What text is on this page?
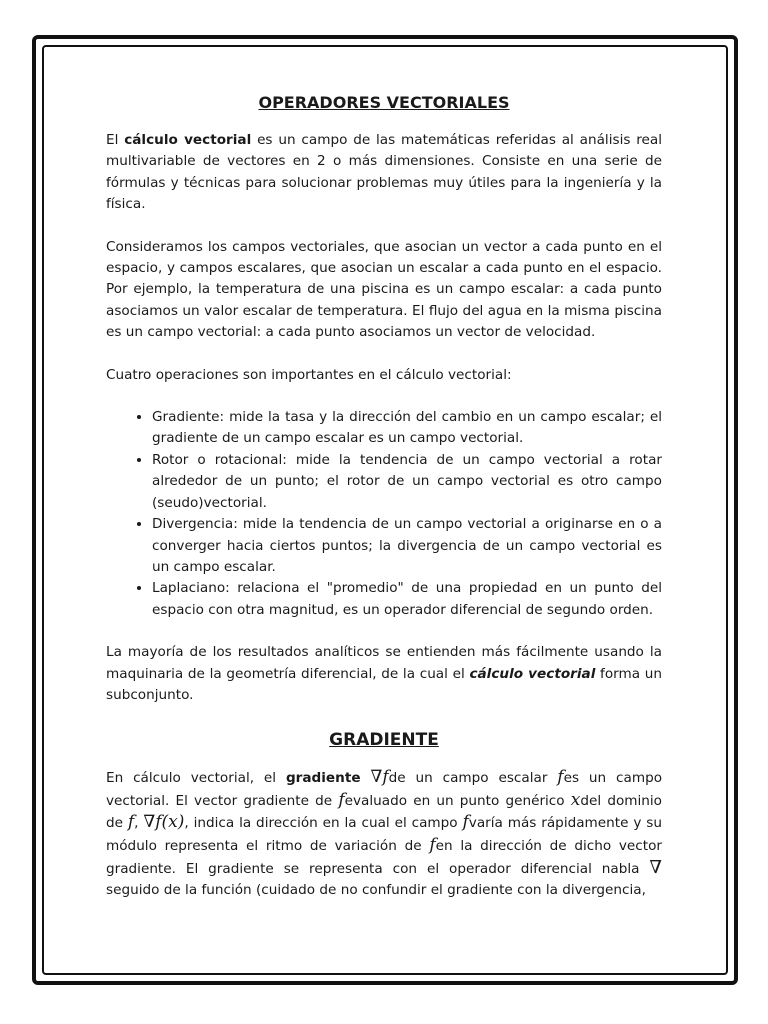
OPERADORES VECTORIALES

El cálculo vectorial es un campo de las matemáticas referidas al análisis real multivariable de vectores en 2 o más dimensiones. Consiste en una serie de fórmulas y técnicas para solucionar problemas muy útiles para la ingeniería y la física.

Consideramos los campos vectoriales, que asocian un vector a cada punto en el espacio, y campos escalares, que asocian un escalar a cada punto en el espacio. Por ejemplo, la temperatura de una piscina es un campo escalar: a cada punto asociamos un valor escalar de temperatura. El flujo del agua en la misma piscina es un campo vectorial: a cada punto asociamos un vector de velocidad.

Cuatro operaciones son importantes en el cálculo vectorial:

• Gradiente: mide la tasa y la dirección del cambio en un campo escalar; el gradiente de un campo escalar es un campo vectorial.
• Rotor o rotacional: mide la tendencia de un campo vectorial a rotar alrededor de un punto; el rotor de un campo vectorial es otro campo (seudo)vectorial.
• Divergencia: mide la tendencia de un campo vectorial a originarse en o a converger hacia ciertos puntos; la divergencia de un campo vectorial es un campo escalar.
• Laplaciano: relaciona el "promedio" de una propiedad en un punto del espacio con otra magnitud, es un operador diferencial de segundo orden.

La mayoría de los resultados analíticos se entienden más fácilmente usando la maquinaria de la geometría diferencial, de la cual el cálculo vectorial forma un subconjunto.

GRADIENTE

En cálculo vectorial, el gradiente ∇fde un campo escalar fes un campo vectorial. El vector gradiente de fevaluado en un punto genérico xdel dominio de f, ∇f(x), indica la dirección en la cual el campo fvaría más rápidamente y su módulo representa el ritmo de variación de fen la dirección de dicho vector gradiente. El gradiente se representa con el operador diferencial nabla ∇ seguido de la función (cuidado de no confundir el gradiente con la divergencia,
